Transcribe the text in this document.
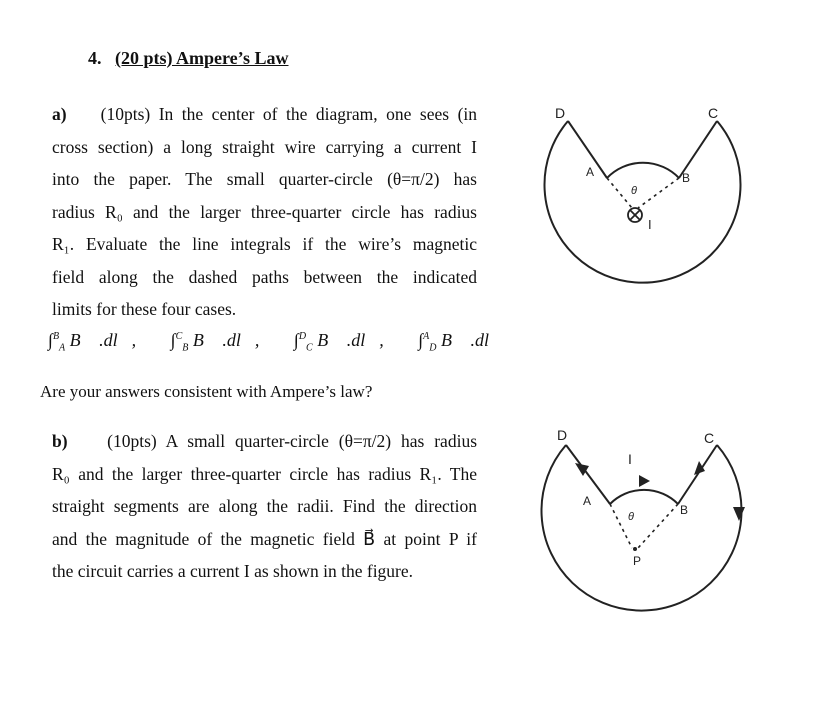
4. (20 pts) Ampere’s Law
a) (10pts) In the center of the diagram, one sees (in
cross section) a long straight wire carrying a current I
into the paper. The small quarter-circle (θ=π/2) has
radius R₀ and the larger three-quarter circle has radius
R₁. Evaluate the line integrals if the wire’s magnetic
field along the dashed paths between the indicated
limits for these four cases.
∫$^B_A$ B⃗ .dl⃗, ∫$^C_B$ B⃗ .dl⃗, ∫$^D_C$ B⃗ .dl⃗, ∫$^A_D$ B⃗ .dl⃗
Are your answers consistent with Ampere’s law?
b) (10pts) A small quarter-circle (θ=π/2) has radius
R₀ and the larger three-quarter circle has radius R₁. The
straight segments are along the radii. Find the direction
and the magnitude of the magnetic field B⃗ at point P if
the circuit carries a current I as shown in the figure.
D	C
A	B
θ
I
D	C
A
B
θ
I
P
